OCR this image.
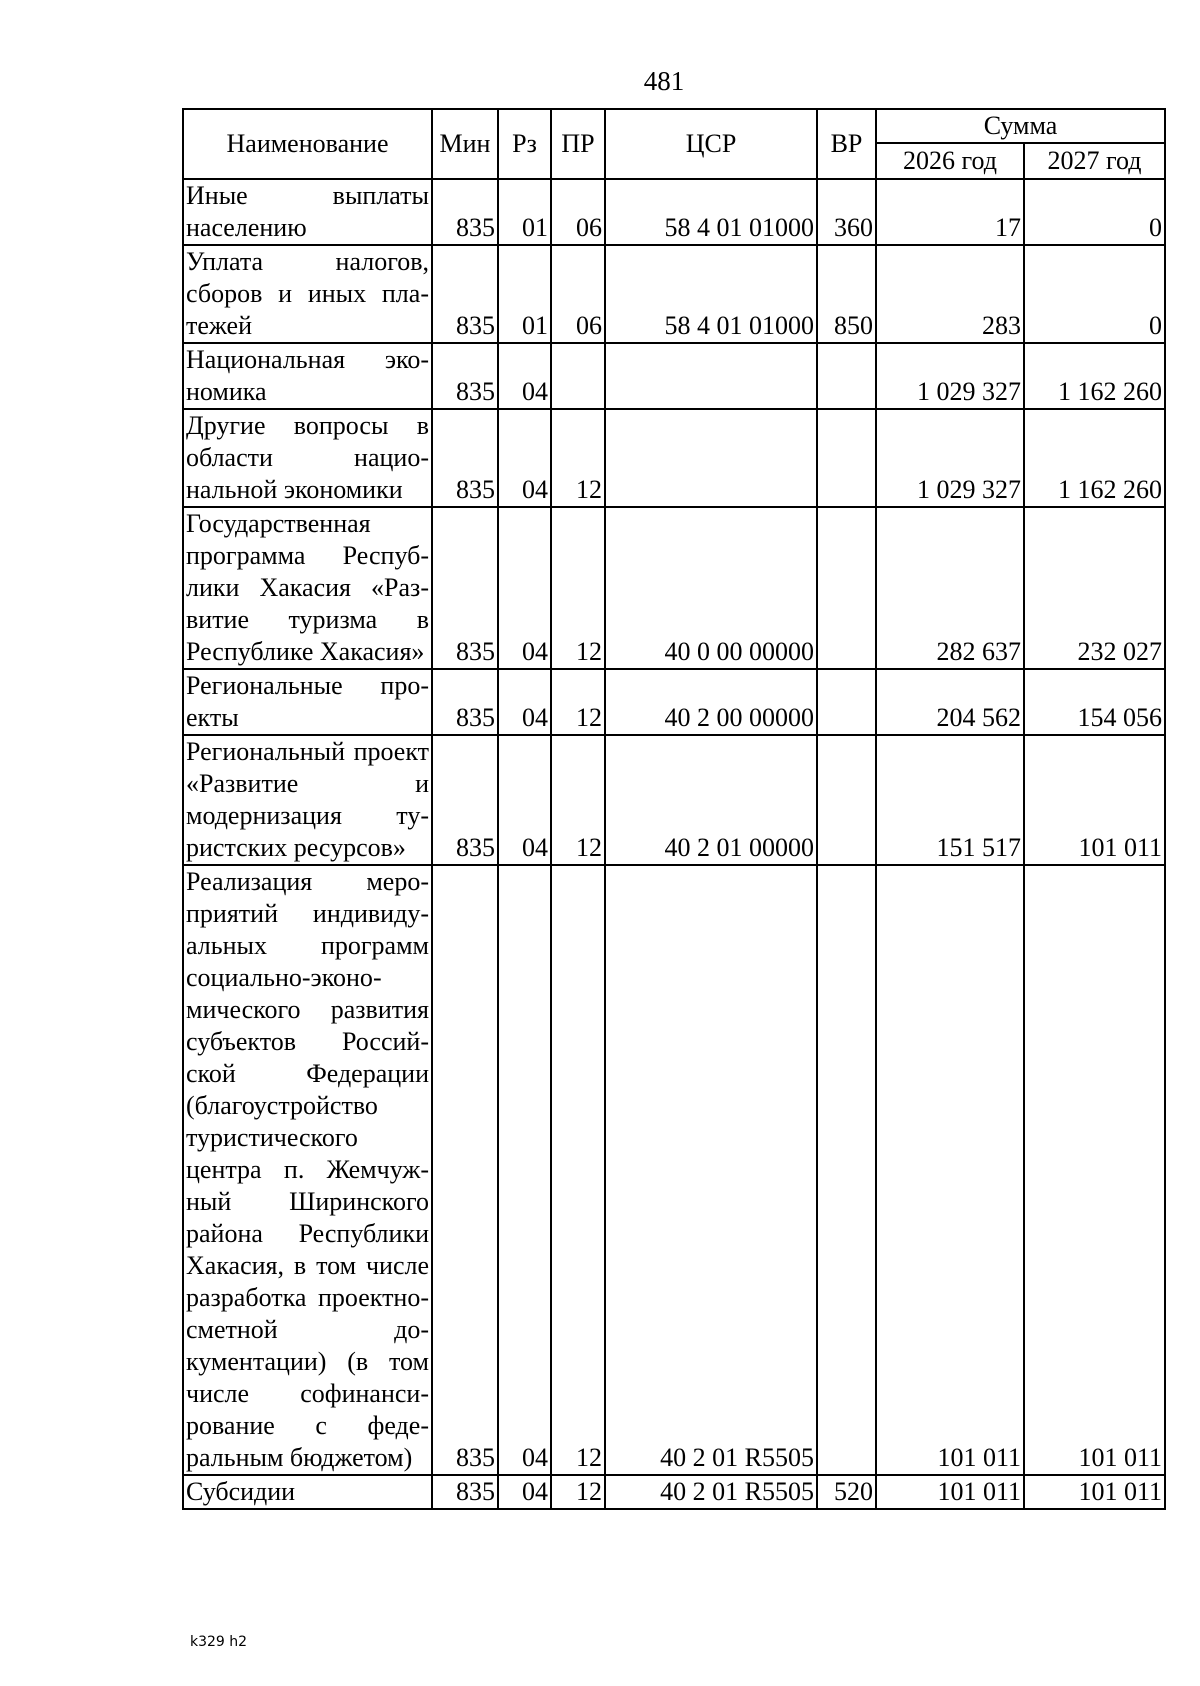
481
Наименование	Мин	Рз	ПР	ЦСР	ВР	Сумма	
						2026 год	2027 год
Иные выплаты населению	835	01	06	58 4 01 01000	360	17	0
Уплата налогов, сборов и иных платежей	835	01	06	58 4 01 01000	850	283	0
Национальная экономика	835	04				1 029 327	1 162 260
Другие вопросы в области национальной экономики	835	04	12			1 029 327	1 162 260
Государственная программа Республики Хакасия «Развитие туризма в Республике Хакасия»	835	04	12	40 0 00 00000		282 637	232 027
Региональные проекты	835	04	12	40 2 00 00000		204 562	154 056
Региональный проект «Развитие и модернизация туристских ресурсов»	835	04	12	40 2 01 00000		151 517	101 011
Реализация мероприятий индивидуальных программ социально-экономического развития субъектов Российской Федерации (благоустройство туристического центра п. Жемчужный Ширинского района Республики Хакасия, в том числе разработка проектно-сметной документации) (в том числе софинансирование с федеральным бюджетом)	835	04	12	40 2 01 R5505		101 011	101 011
Субсидии	835	04	12	40 2 01 R5505	520	101 011	101 011
k329 h2
